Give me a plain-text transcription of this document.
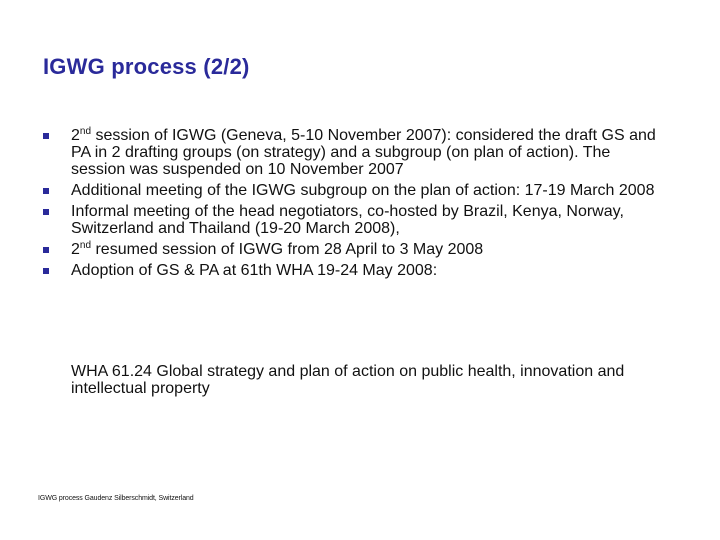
IGWG process (2/2)
2nd session of IGWG (Geneva, 5-10 November 2007): considered the draft GS and PA in 2 drafting groups (on strategy) and a subgroup (on plan of action). The session was suspended on 10 November 2007
Additional meeting of the IGWG subgroup on the plan of action: 17-19 March 2008
Informal meeting of the head negotiators, co-hosted by Brazil, Kenya, Norway, Switzerland and Thailand (19-20 March 2008),
2nd resumed session of IGWG from 28 April to 3 May 2008
Adoption of GS & PA at 61th WHA 19-24 May 2008:
WHA 61.24 Global strategy and plan of action on public health, innovation and intellectual property
IGWG process Gaudenz Silberschmidt, Switzerland
